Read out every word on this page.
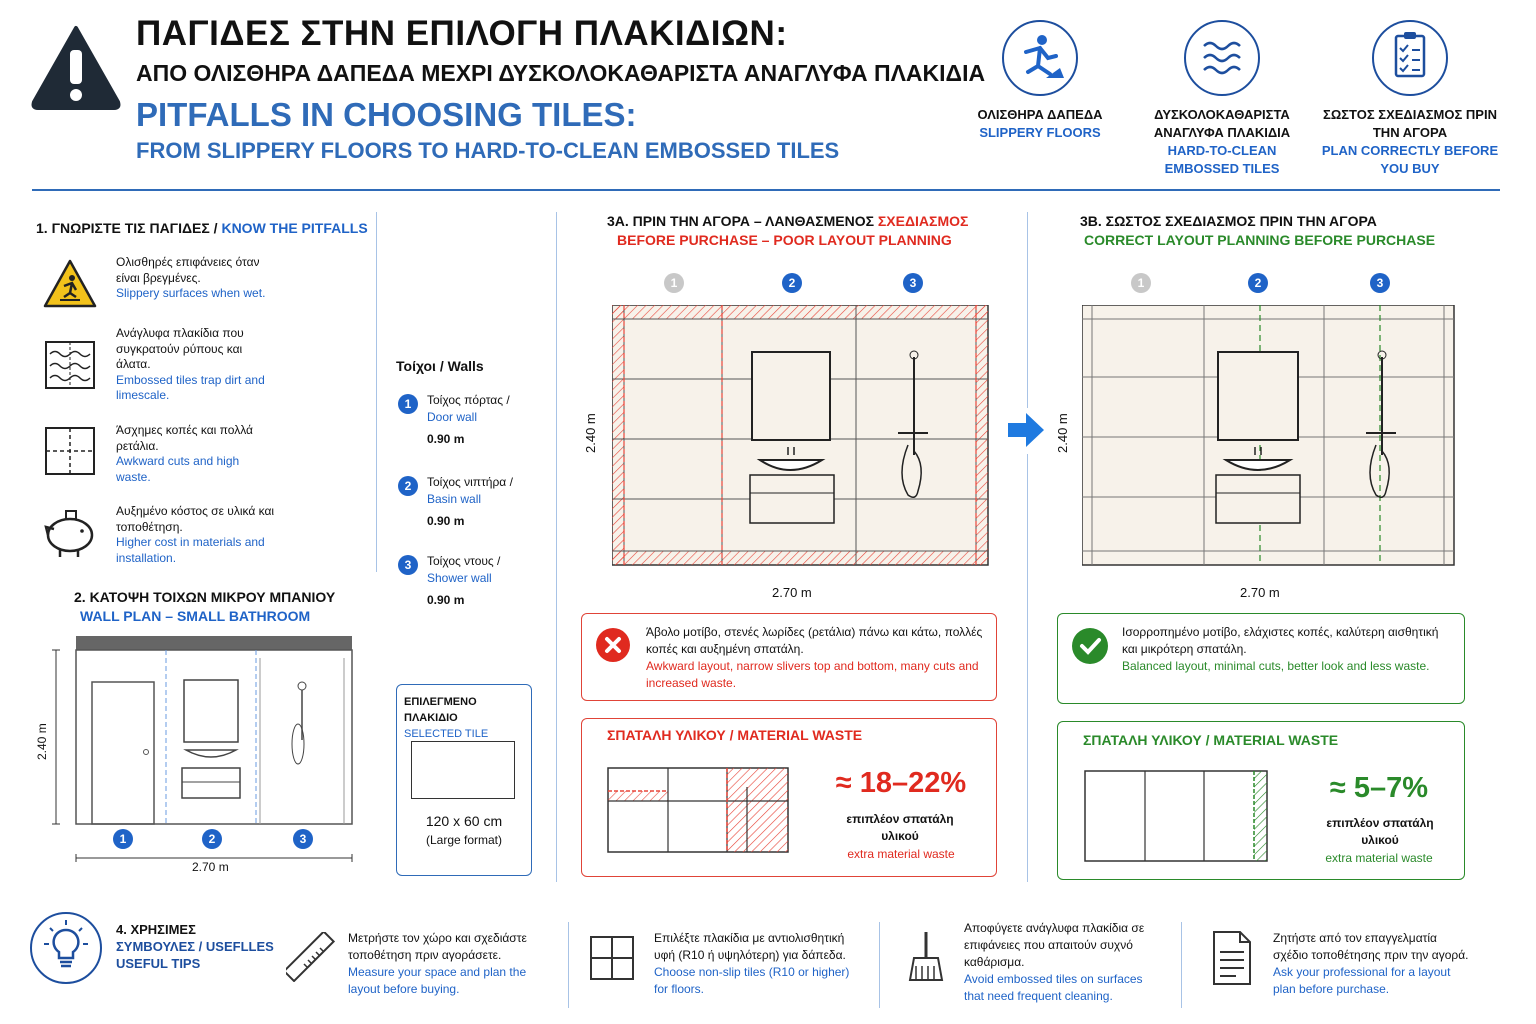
ΠΑΓΙΔΕΣ ΣΤΗΝ ΕΠΙΛΟΓΗ ΠΛΑΚΙΔΙΩΝ:
ΑΠΟ ΟΛΙΣΘΗΡΑ ΔΑΠΕΔΑ ΜΕΧΡΙ ΔΥΣΚΟΛΟΚΑΘΑΡΙΣΤΑ ΑΝΑΓΛΥΦΑ ΠΛΑΚΙΔΙΑ
PITFALLS IN CHOOSING TILES:
FROM SLIPPERY FLOORS TO HARD-TO-CLEAN EMBOSSED TILES
ΟΛΙΣΘΗΡΑ ΔΑΠΕΔΑ
SLIPPERY FLOORS
ΔΥΣΚΟΛΟΚΑΘΑΡΙΣΤΑ ΑΝΑΓΛΥΦΑ ΠΛΑΚΙΔΙΑ
HARD-TO-CLEAN EMBOSSED TILES
ΣΩΣΤΟΣ ΣΧΕΔΙΑΣΜΟΣ ΠΡΙΝ ΤΗΝ ΑΓΟΡΑ
PLAN CORRECTLY BEFORE YOU BUY
1. ΓΝΩΡΙΣΤΕ ΤΙΣ ΠΑΓΙΔΕΣ / KNOW THE PITFALLS
Ολισθηρές επιφάνειες όταν είναι βρεγμένες.
Slippery surfaces when wet.
Ανάγλυφα πλακίδια που συγκρατούν ρύπους και άλατα.
Embossed tiles trap dirt and limescale.
Άσχημες κοπές και πολλά ρετάλια.
Awkward cuts and high waste.
Αυξημένο κόστος σε υλικά και τοποθέτηση.
Higher cost in materials and installation.
2. ΚΑΤΟΨΗ ΤΟΙΧΩΝ ΜΙΚΡΟΥ ΜΠΑΝΙΟΥ
WALL PLAN – SMALL BATHROOM
2.40 m
2.70 m
1	2	3
Τοίχοι / Walls
1	Τοίχος πόρτας /
Door wall
0.90 m
2	Τοίχος νιπτήρα /
Basin wall
0.90 m
3	Τοίχος ντους /
Shower wall
0.90 m
ΕΠΙΛΕΓΜΕΝΟ ΠΛΑΚΙΔΙΟ
SELECTED TILE
120 x 60 cm
(Large format)
3Α. ΠΡΙΝ ΤΗΝ ΑΓΟΡΑ – ΛΑΝΘΑΣΜΕΝΟΣ ΣΧΕΔΙΑΣΜΟΣ
BEFORE PURCHASE – POOR LAYOUT PLANNING
1	2	3
2.40 m
2.70 m
Άβολο μοτίβο, στενές λωρίδες (ρετάλια) πάνω και κάτω, πολλές κοπές και αυξημένη σπατάλη.
Awkward layout, narrow slivers top and bottom, many cuts and increased waste.
ΣΠΑΤΑΛΗ ΥΛΙΚΟΥ / MATERIAL WASTE
≈ 18–22%
επιπλέον σπατάλη υλικού
extra material waste
3Β. ΣΩΣΤΟΣ ΣΧΕΔΙΑΣΜΟΣ ΠΡΙΝ ΤΗΝ ΑΓΟΡΑ
CORRECT LAYOUT PLANNING BEFORE PURCHASE
1	2	3
2.40 m
2.70 m
Ισορροπημένο μοτίβο, ελάχιστες κοπές, καλύτερη αισθητική και μικρότερη σπατάλη.
Balanced layout, minimal cuts, better look and less waste.
ΣΠΑΤΑΛΗ ΥΛΙΚΟΥ / MATERIAL WASTE
≈ 5–7%
επιπλέον σπατάλη υλικού
extra material waste
4. ΧΡΗΣΙΜΕΣ
ΣΥΜΒΟΥΛΕΣ / USEFLLES
USEFUL TIPS
Μετρήστε τον χώρο και σχεδιάστε τοποθέτηση πριν αγοράσετε.
Measure your space and plan the layout before buying.
Επιλέξτε πλακίδια με αντιολισθητική υφή (R10 ή υψηλότερη) για δάπεδα.
Choose non-slip tiles (R10 or higher) for floors.
Αποφύγετε ανάγλυφα πλακίδια σε επιφάνειες που απαιτούν συχνό καθάρισμα.
Avoid embossed tiles on surfaces that need frequent cleaning.
Ζητήστε από τον επαγγελματία σχέδιο τοποθέτησης πριν την αγορά.
Ask your professional for a layout plan before purchase.
